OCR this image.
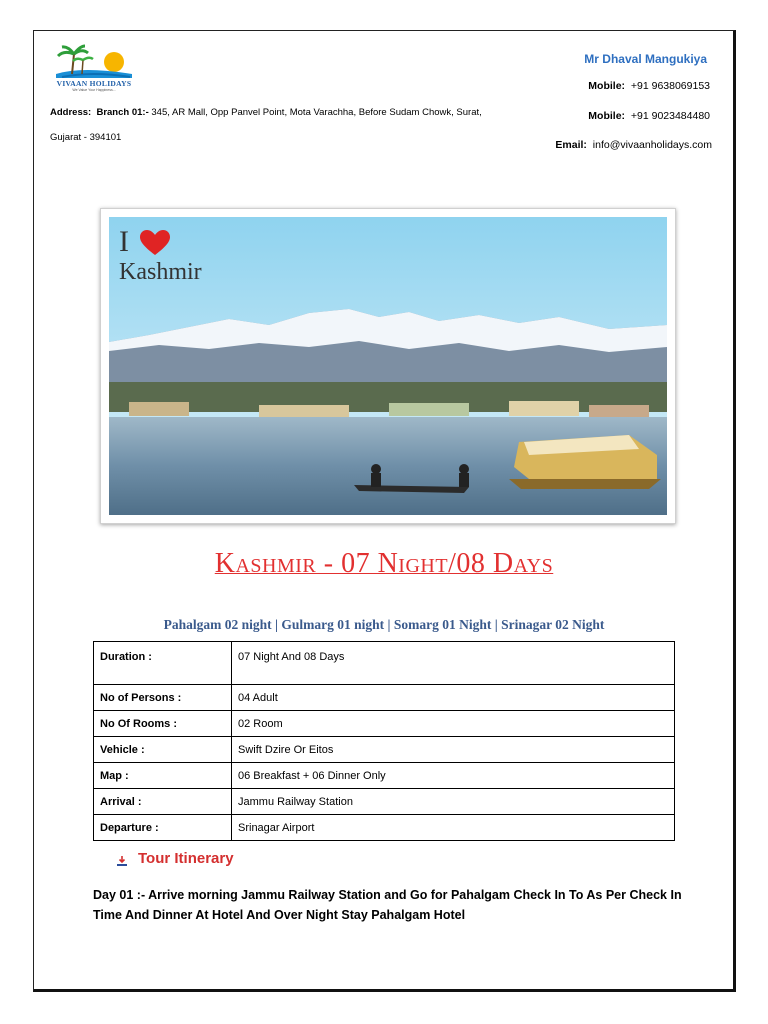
VIVAAN HOLIDAYS
We Value Your Happiness...
Address: Branch 01:- 345, AR Mall, Opp Panvel Point, Mota Varachha, Before Sudam Chowk, Surat,
Gujarat - 394101
Mr Dhaval Mangukiya
Mobile: +91 9638069153
Mobile: +91 9023484480
Email: info@vivaanholidays.com
I
Kashmir
Kashmir - 07 Night/08 Days
Pahalgam 02 night | Gulmarg 01 night | Somarg 01 Night | Srinagar 02 Night
Duration :	07 Night And 08 Days
No of Persons :	04 Adult
No Of Rooms :	02 Room
Vehicle :	Swift Dzire Or Eitos
Map :	06 Breakfast + 06 Dinner Only
Arrival :	Jammu Railway Station
Departure :	Srinagar Airport
Tour Itinerary
Day 01 :- Arrive morning Jammu Railway Station and Go for Pahalgam Check In To As Per Check In Time And Dinner At Hotel And Over Night Stay Pahalgam Hotel
